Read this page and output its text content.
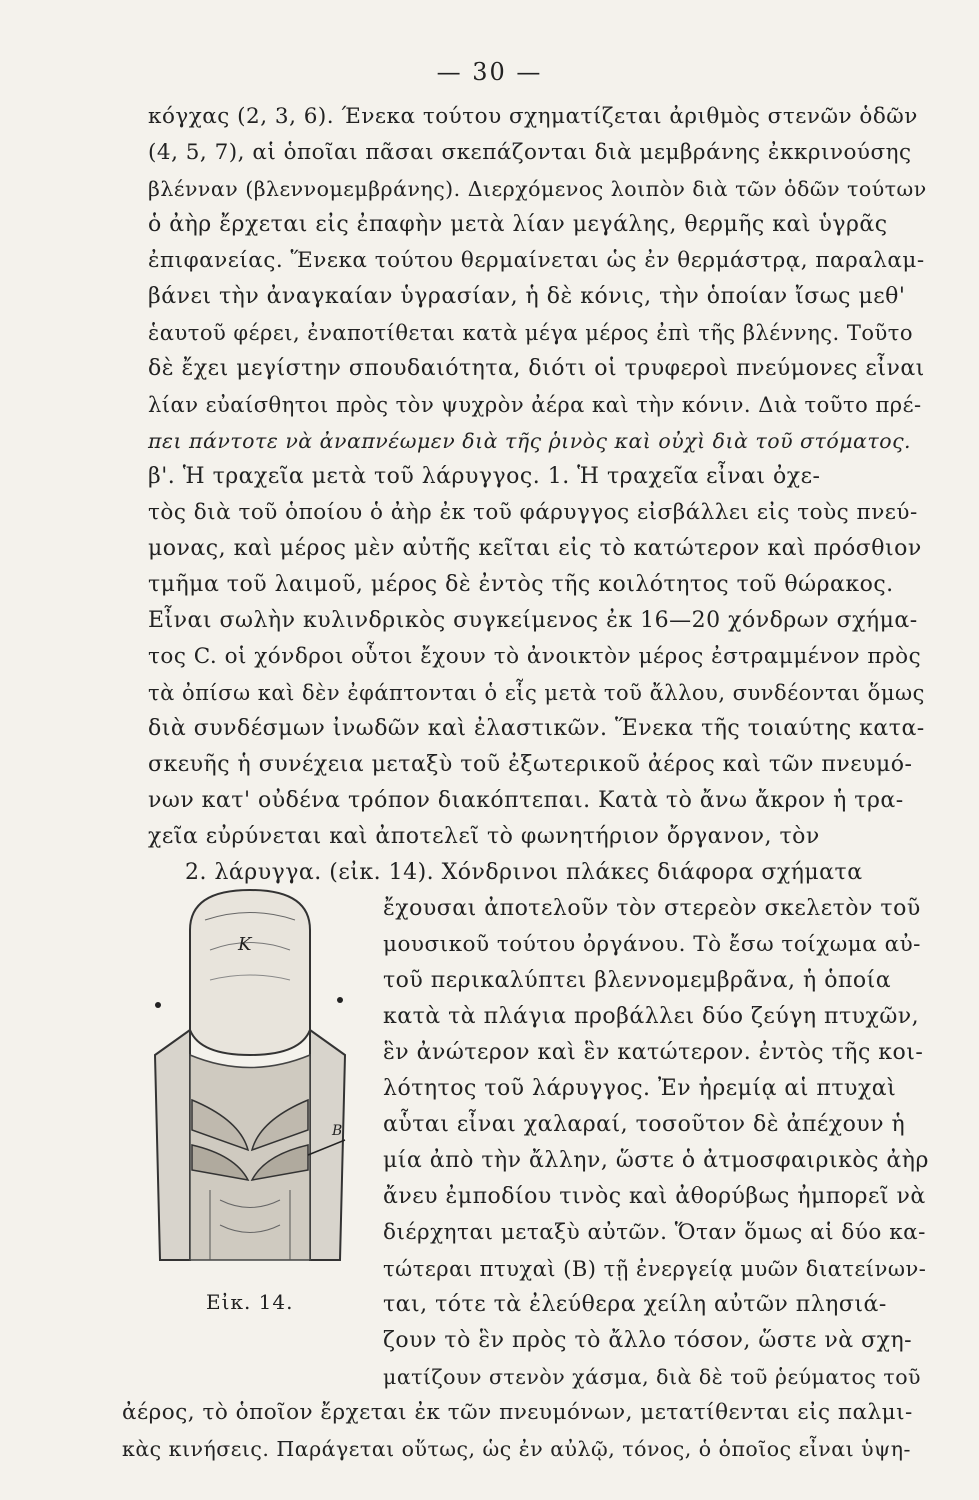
— 30 —
κόγχας (2, 3, 6). Ένεκα τούτου σχηματίζεται ἀριθμὸς στενῶν ὁδῶν
(4, 5, 7), αἱ ὁποῖαι πᾶσαι σκεπάζονται διὰ μεμβράνης ἐκκρινούσης
βλένναν (βλεννομεμβράνης). Διερχόμενος λοιπὸν διὰ τῶν ὁδῶν τούτων
ὁ ἀὴρ ἔρχεται εἰς ἐπαφὴν μετὰ λίαν μεγάλης, θερμῆς καὶ ὑγρᾶς
ἐπιφανείας. Ἕνεκα τούτου θερμαίνεται ὡς ἐν θερμάστρᾳ, παραλαμ-
βάνει τὴν ἀναγκαίαν ὑγρασίαν, ἡ δὲ κόνις, τὴν ὁποίαν ἴσως μεθ'
ἑαυτοῦ φέρει, ἐναποτίθεται κατὰ μέγα μέρος ἐπὶ τῆς βλέννης. Τοῦτο
δὲ ἔχει μεγίστην σπουδαιότητα, διότι οἱ τρυφεροὶ πνεύμονες εἶναι
λίαν εὐαίσθητοι πρὸς τὸν ψυχρὸν ἀέρα καὶ τὴν κόνιν. Διὰ τοῦτο πρέ-
πει πάντοτε νὰ ἀναπνέωμεν διὰ τῆς ῥινὸς καὶ οὐχὶ διὰ τοῦ στόματος.
β'. Ἡ τραχεῖα μετὰ τοῦ λάρυγγος. 1. Ἡ τραχεῖα εἶναι ὀχε-
τὸς διὰ τοῦ ὁποίου ὁ ἀὴρ ἐκ τοῦ φάρυγγος εἰσβάλλει εἰς τοὺς πνεύ-
μονας, καὶ μέρος μὲν αὐτῆς κεῖται εἰς τὸ κατώτερον καὶ πρόσθιον
τμῆμα τοῦ λαιμοῦ, μέρος δὲ ἐντὸς τῆς κοιλότητος τοῦ θώρακος.
Εἶναι σωλὴν κυλινδρικὸς συγκείμενος ἐκ 16—20 χόνδρων σχήμα-
τος C. οἱ χόνδροι οὗτοι ἔχουν τὸ ἀνοικτὸν μέρος ἐστραμμένον πρὸς
τὰ ὀπίσω καὶ δὲν ἐφάπτονται ὁ εἷς μετὰ τοῦ ἄλλου, συνδέονται ὅμως
διὰ συνδέσμων ἰνωδῶν καὶ ἐλαστικῶν. Ἕνεκα τῆς τοιαύτης κατα-
σκευῆς ἡ συνέχεια μεταξὺ τοῦ ἐξωτερικοῦ ἀέρος καὶ τῶν πνευμό-
νων κατ' οὐδένα τρόπον διακόπτεπαι. Κατὰ τὸ ἄνω ἄκρον ἡ τρα-
χεῖα εὐρύνεται καὶ ἀποτελεῖ τὸ φωνητήριον ὄργανον, τὸν
2. λάρυγγα. (εἰκ. 14). Χόνδρινοι πλάκες διάφορα σχήματα
ἔχουσαι ἀποτελοῦν τὸν στερεὸν σκελετὸν τοῦ
μουσικοῦ τούτου ὀργάνου. Τὸ ἔσω τοίχωμα αὐ-
τοῦ περικαλύπτει βλεννομεμβρᾶνα, ἡ ὁποία
κατὰ τὰ πλάγια προβάλλει δύο ζεύγη πτυχῶν,
ἓν ἀνώτερον καὶ ἓν κατώτερον. ἐντὸς τῆς κοι-
λότητος τοῦ λάρυγγος. Ἐν ἠρεμίᾳ αἱ πτυχαὶ
αὗται εἶναι χαλαραί, τοσοῦτον δὲ ἀπέχουν ἡ
μία ἀπὸ τὴν ἄλλην, ὥστε ὁ ἀτμοσφαιρικὸς ἀὴρ
ἄνευ ἐμποδίου τινὸς καὶ ἀθορύβως ἠμπορεῖ νὰ
διέρχηται μεταξὺ αὐτῶν. Ὅταν ὅμως αἱ δύο κα-
τώτεραι πτυχαὶ (B) τῇ ἐνεργείᾳ μυῶν διατείνων-
ται, τότε τὰ ἐλεύθερα χείλη αὐτῶν πλησιά-
ζουν τὸ ἓν πρὸς τὸ ἄλλο τόσον, ὥστε νὰ σχη-
ματίζουν στενὸν χάσμα, διὰ δὲ τοῦ ῥεύματος τοῦ
ἀέρος, τὸ ὁποῖον ἔρχεται ἐκ τῶν πνευμόνων, μετατίθενται εἰς παλμι-
κὰς κινήσεις. Παράγεται οὕτως, ὡς ἐν αὐλῷ, τόνος, ὁ ὁποῖος εἶναι ὑψη-
K
B
Εἰκ. 14.
